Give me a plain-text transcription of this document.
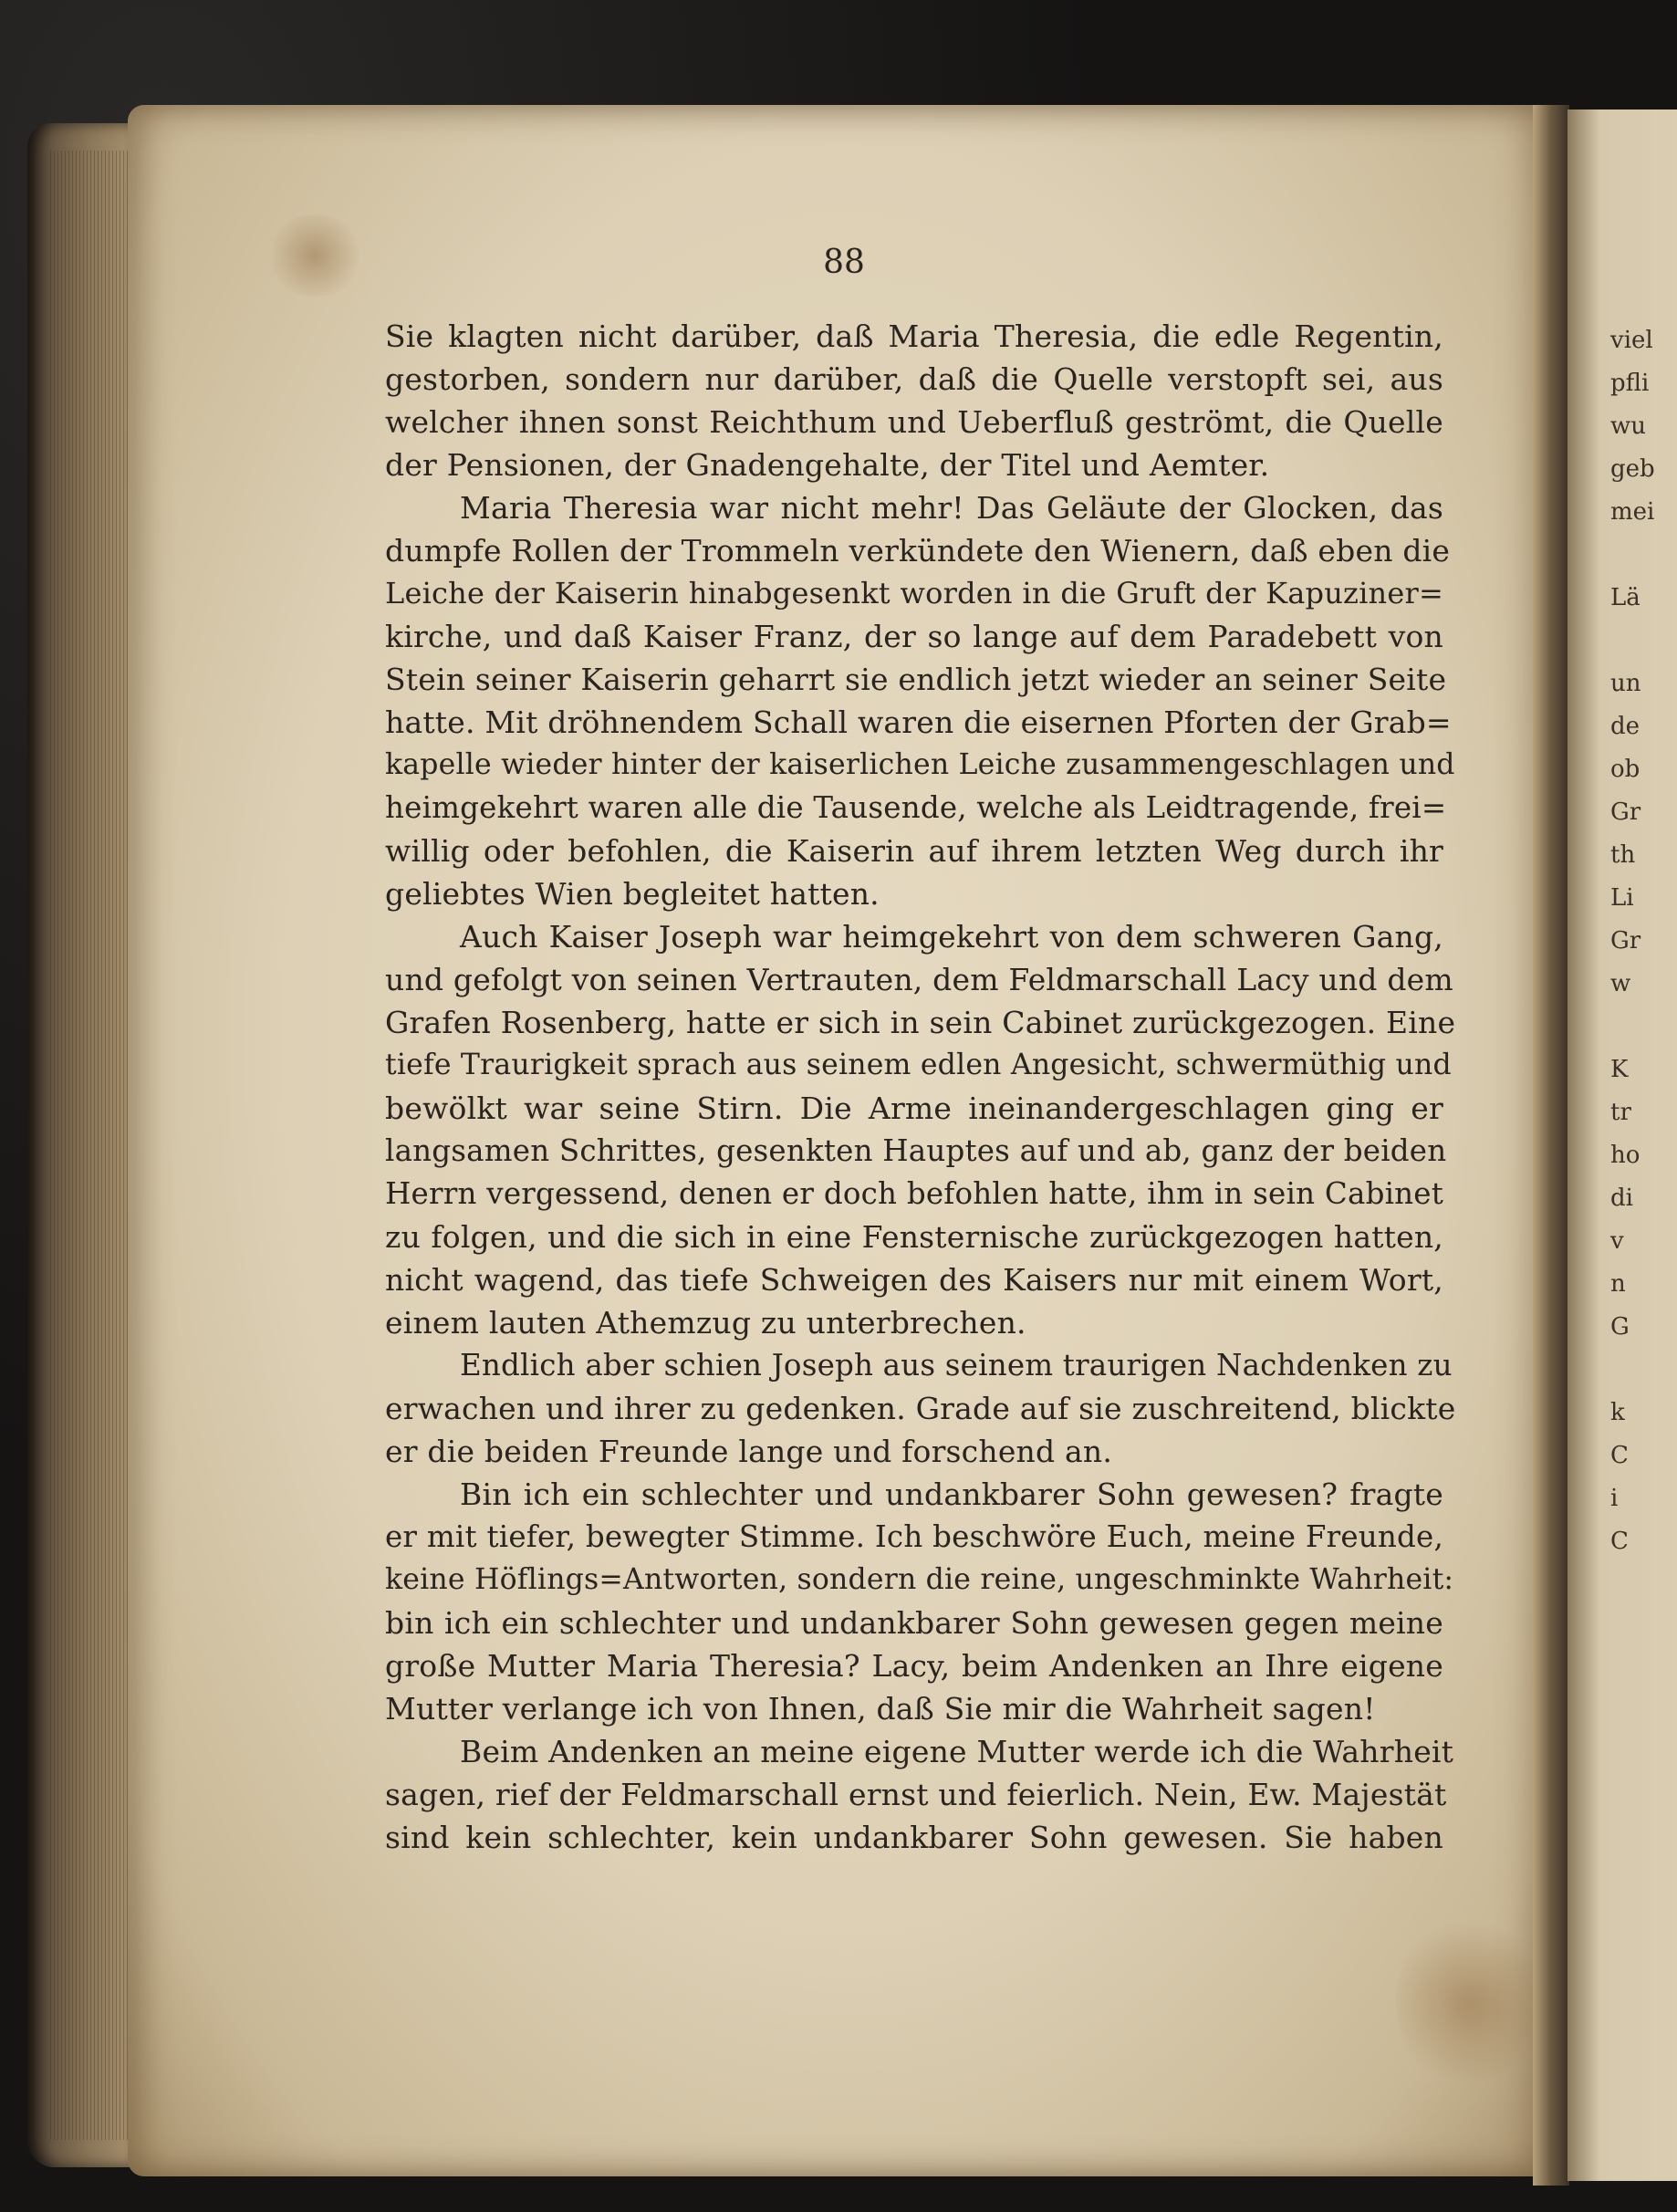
88
Sie klagten nicht darüber, daß Maria Theresia, die edle Regentin,
gestorben, sondern nur darüber, daß die Quelle verstopft sei, aus
welcher ihnen sonst Reichthum und Ueberfluß geströmt, die Quelle
der Pensionen, der Gnadengehalte, der Titel und Aemter.
Maria Theresia war nicht mehr! Das Geläute der Glocken, das
dumpfe Rollen der Trommeln verkündete den Wienern, daß eben die
Leiche der Kaiserin hinabgesenkt worden in die Gruft der Kapuziner=
kirche, und daß Kaiser Franz, der so lange auf dem Paradebett von
Stein seiner Kaiserin geharrt sie endlich jetzt wieder an seiner Seite
hatte. Mit dröhnendem Schall waren die eisernen Pforten der Grab=
kapelle wieder hinter der kaiserlichen Leiche zusammengeschlagen und
heimgekehrt waren alle die Tausende, welche als Leidtragende, frei=
willig oder befohlen, die Kaiserin auf ihrem letzten Weg durch ihr
geliebtes Wien begleitet hatten.
Auch Kaiser Joseph war heimgekehrt von dem schweren Gang,
und gefolgt von seinen Vertrauten, dem Feldmarschall Lacy und dem
Grafen Rosenberg, hatte er sich in sein Cabinet zurückgezogen. Eine
tiefe Traurigkeit sprach aus seinem edlen Angesicht, schwermüthig und
bewölkt war seine Stirn. Die Arme ineinandergeschlagen ging er
langsamen Schrittes, gesenkten Hauptes auf und ab, ganz der beiden
Herrn vergessend, denen er doch befohlen hatte, ihm in sein Cabinet
zu folgen, und die sich in eine Fensternische zurückgezogen hatten,
nicht wagend, das tiefe Schweigen des Kaisers nur mit einem Wort,
einem lauten Athemzug zu unterbrechen.
Endlich aber schien Joseph aus seinem traurigen Nachdenken zu
erwachen und ihrer zu gedenken. Grade auf sie zuschreitend, blickte
er die beiden Freunde lange und forschend an.
Bin ich ein schlechter und undankbarer Sohn gewesen? fragte
er mit tiefer, bewegter Stimme. Ich beschwöre Euch, meine Freunde,
keine Höflings=Antworten, sondern die reine, ungeschminkte Wahrheit:
bin ich ein schlechter und undankbarer Sohn gewesen gegen meine
große Mutter Maria Theresia? Lacy, beim Andenken an Ihre eigene
Mutter verlange ich von Ihnen, daß Sie mir die Wahrheit sagen!
Beim Andenken an meine eigene Mutter werde ich die Wahrheit
sagen, rief der Feldmarschall ernst und feierlich. Nein, Ew. Majestät
sind kein schlechter, kein undankbarer Sohn gewesen. Sie haben
viel
pfli
wu
geb
mei
Lä
un
de
ob
Gr
th
Li
Gr
w
K
tr
ho
di
v
n
G
k
C
i
C
